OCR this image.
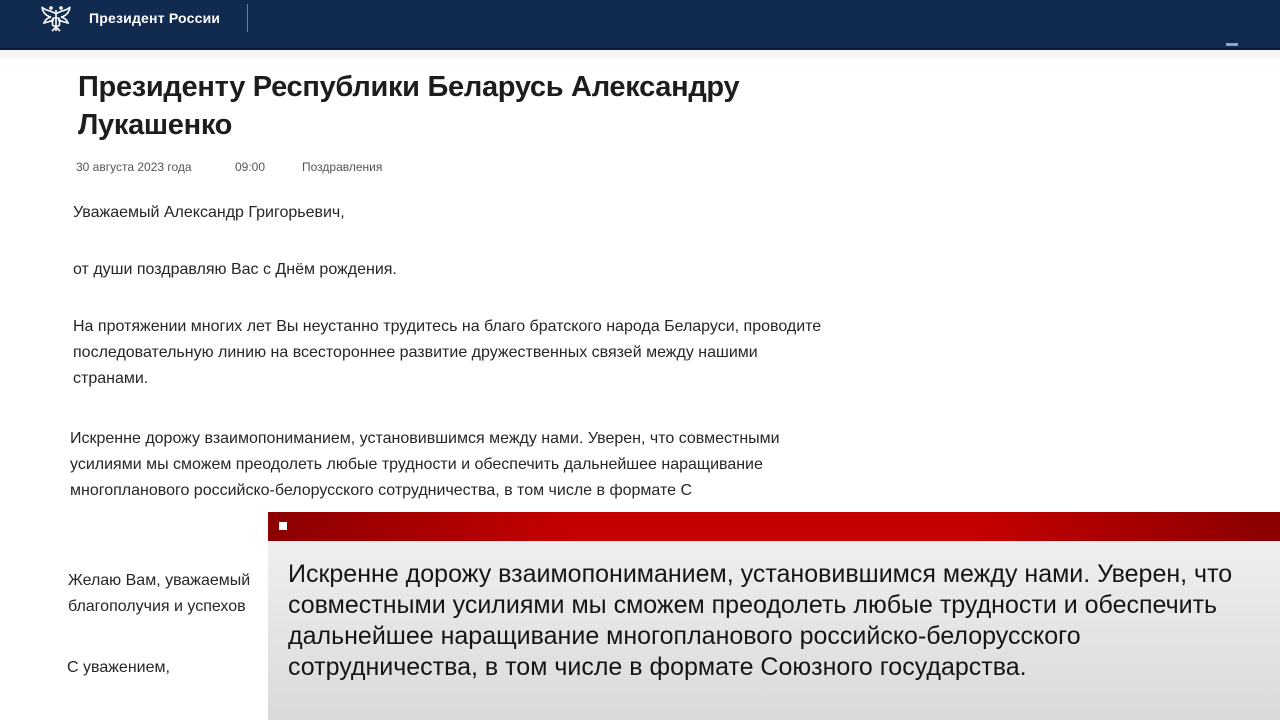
Президент России
Президенту Республики Беларусь Александру Лукашенко
30 августа 2023 года	09:00	Поздравления
Уважаемый Александр Григорьевич,
от души поздравляю Вас с Днём рождения.
На протяжении многих лет Вы неустанно трудитесь на благо братского народа Беларуси, проводите последовательную линию на всестороннее развитие дружественных связей между нашими странами.
Искренне дорожу взаимопониманием, установившимся между нами. Уверен, что совместными усилиями мы сможем преодолеть любые трудности и обеспечить дальнейшее наращивание многопланового российско-белорусского сотрудничества, в том числе в формате С
Желаю Вам, уважаемый
благополучия и успехов
С уважением,
Искренне дорожу взаимопониманием, установившимся между нами. Уверен, что совместными усилиями мы сможем преодолеть любые трудности и обеспечить дальнейшее наращивание многопланового российско-белорусского сотрудничества, в том числе в формате Союзного государства.
